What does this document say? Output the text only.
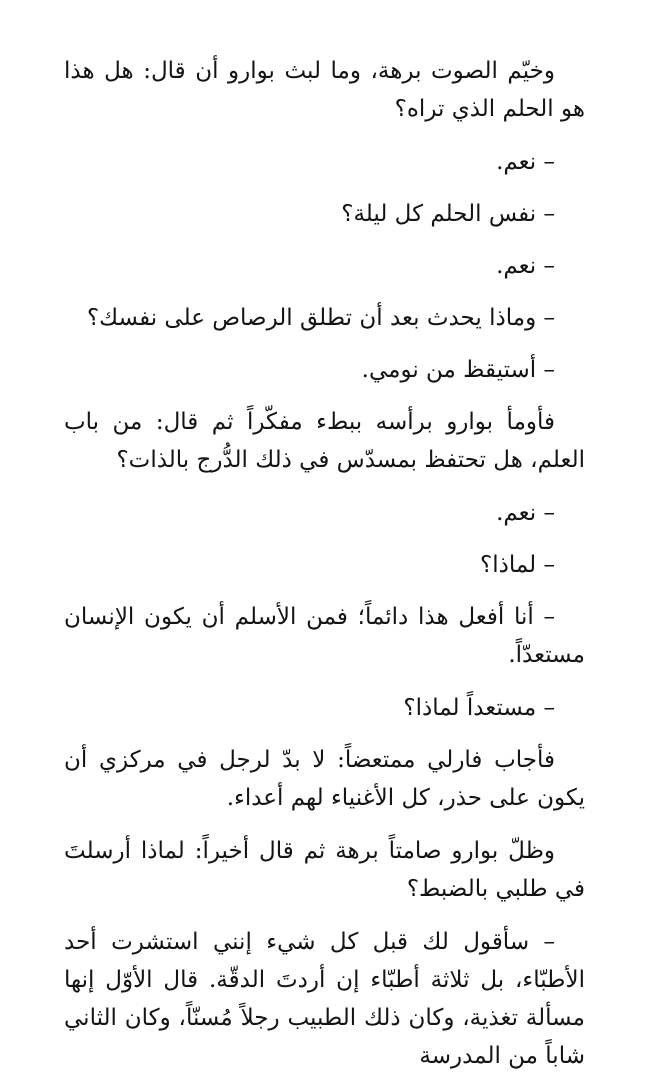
وخيّم الصوت برهة، وما لبث بوارو أن قال: هل هذا هو الحلم الذي تراه؟

– نعم.

– نفس الحلم كل ليلة؟

– نعم.

– وماذا يحدث بعد أن تطلق الرصاص على نفسك؟

– أستيقظ من نومي.

فأومأ بوارو برأسه ببطء مفكّراً ثم قال: من باب العلم، هل تحتفظ بمسدّس في ذلك الدُّرج بالذات؟

– نعم.

– لماذا؟

– أنا أفعل هذا دائماً؛ فمن الأسلم أن يكون الإنسان مستعدّاً.

– مستعداً لماذا؟

فأجاب فارلي ممتعضاً: لا بدّ لرجل في مركزي أن يكون على حذر، كل الأغنياء لهم أعداء.

وظلّ بوارو صامتاً برهة ثم قال أخيراً: لماذا أرسلتَ في طلبي بالضبط؟

– سأقول لك قبل كل شيء إنني استشرت أحد الأطبّاء، بل ثلاثة أطبّاء إن أردتَ الدقّة. قال الأوّل إنها مسألة تغذية، وكان ذلك الطبيب رجلاً مُسنّاً، وكان الثاني شاباً من المدرسة
